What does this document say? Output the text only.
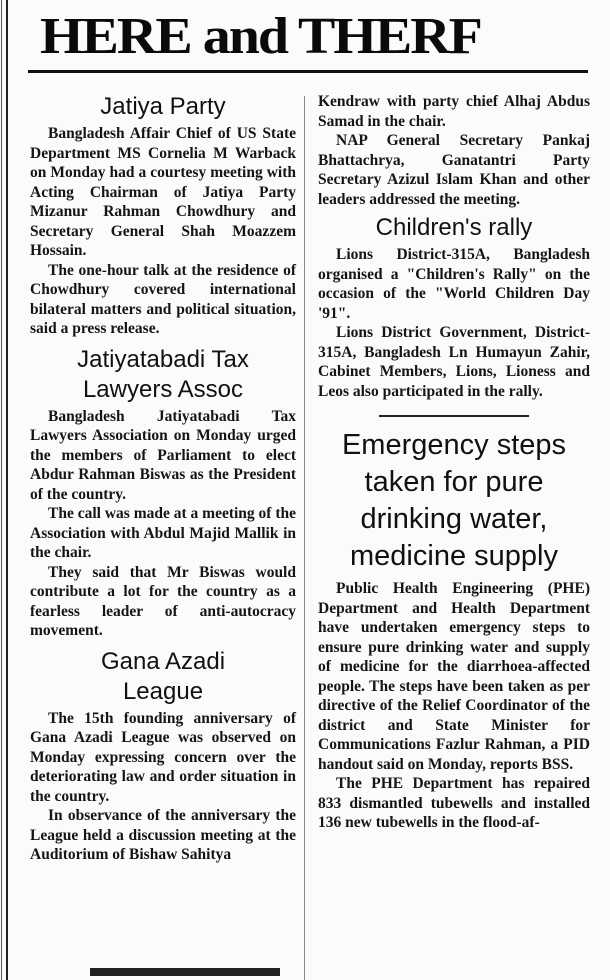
HERE and THERF
Jatiya Party

Bangladesh Affair Chief of US State Department MS Cornelia M Warback on Monday had a courtesy meeting with Acting Chairman of Jatiya Party Mizanur Rahman Chowdhury and Secretary General Shah Moazzem Hossain.

The one-hour talk at the residence of Chowdhury covered international bilateral matters and political situation, said a press release.

Jatiyatabadi Tax
Lawyers Assoc

Bangladesh Jatiyatabadi Tax Lawyers Association on Monday urged the members of Parliament to elect Abdur Rahman Biswas as the President of the country.

The call was made at a meeting of the Association with Abdul Majid Mallik in the chair.

They said that Mr Biswas would contribute a lot for the country as a fearless leader of anti-autocracy movement.

Gana Azadi
League

The 15th founding anniversary of Gana Azadi League was observed on Monday expressing concern over the deteriorating law and order situation in the country.

In observance of the anniversary the League held a discussion meeting at the Auditorium of Bishaw Sahitya

Kendraw with party chief Alhaj Abdus Samad in the chair.

NAP General Secretary Pankaj Bhattachrya, Ganatantri Party Secretary Azizul Islam Khan and other leaders addressed the meeting.

Children's rally

Lions District-315A, Bangladesh organised a "Children's Rally" on the occasion of the "World Children Day '91".

Lions District Government, District-315A, Bangladesh Ln Humayun Zahir, Cabinet Members, Lions, Lioness and Leos also participated in the rally.

Emergency steps
taken for pure
drinking water,
medicine supply

Public Health Engineering (PHE) Department and Health Department have undertaken emergency steps to ensure pure drinking water and supply of medicine for the diarrhoea-affected people. The steps have been taken as per directive of the Relief Coordinator of the district and State Minister for Communications Fazlur Rahman, a PID handout said on Monday, reports BSS.

The PHE Department has repaired 833 dismantled tubewells and installed 136 new tubewells in the flood-af-
